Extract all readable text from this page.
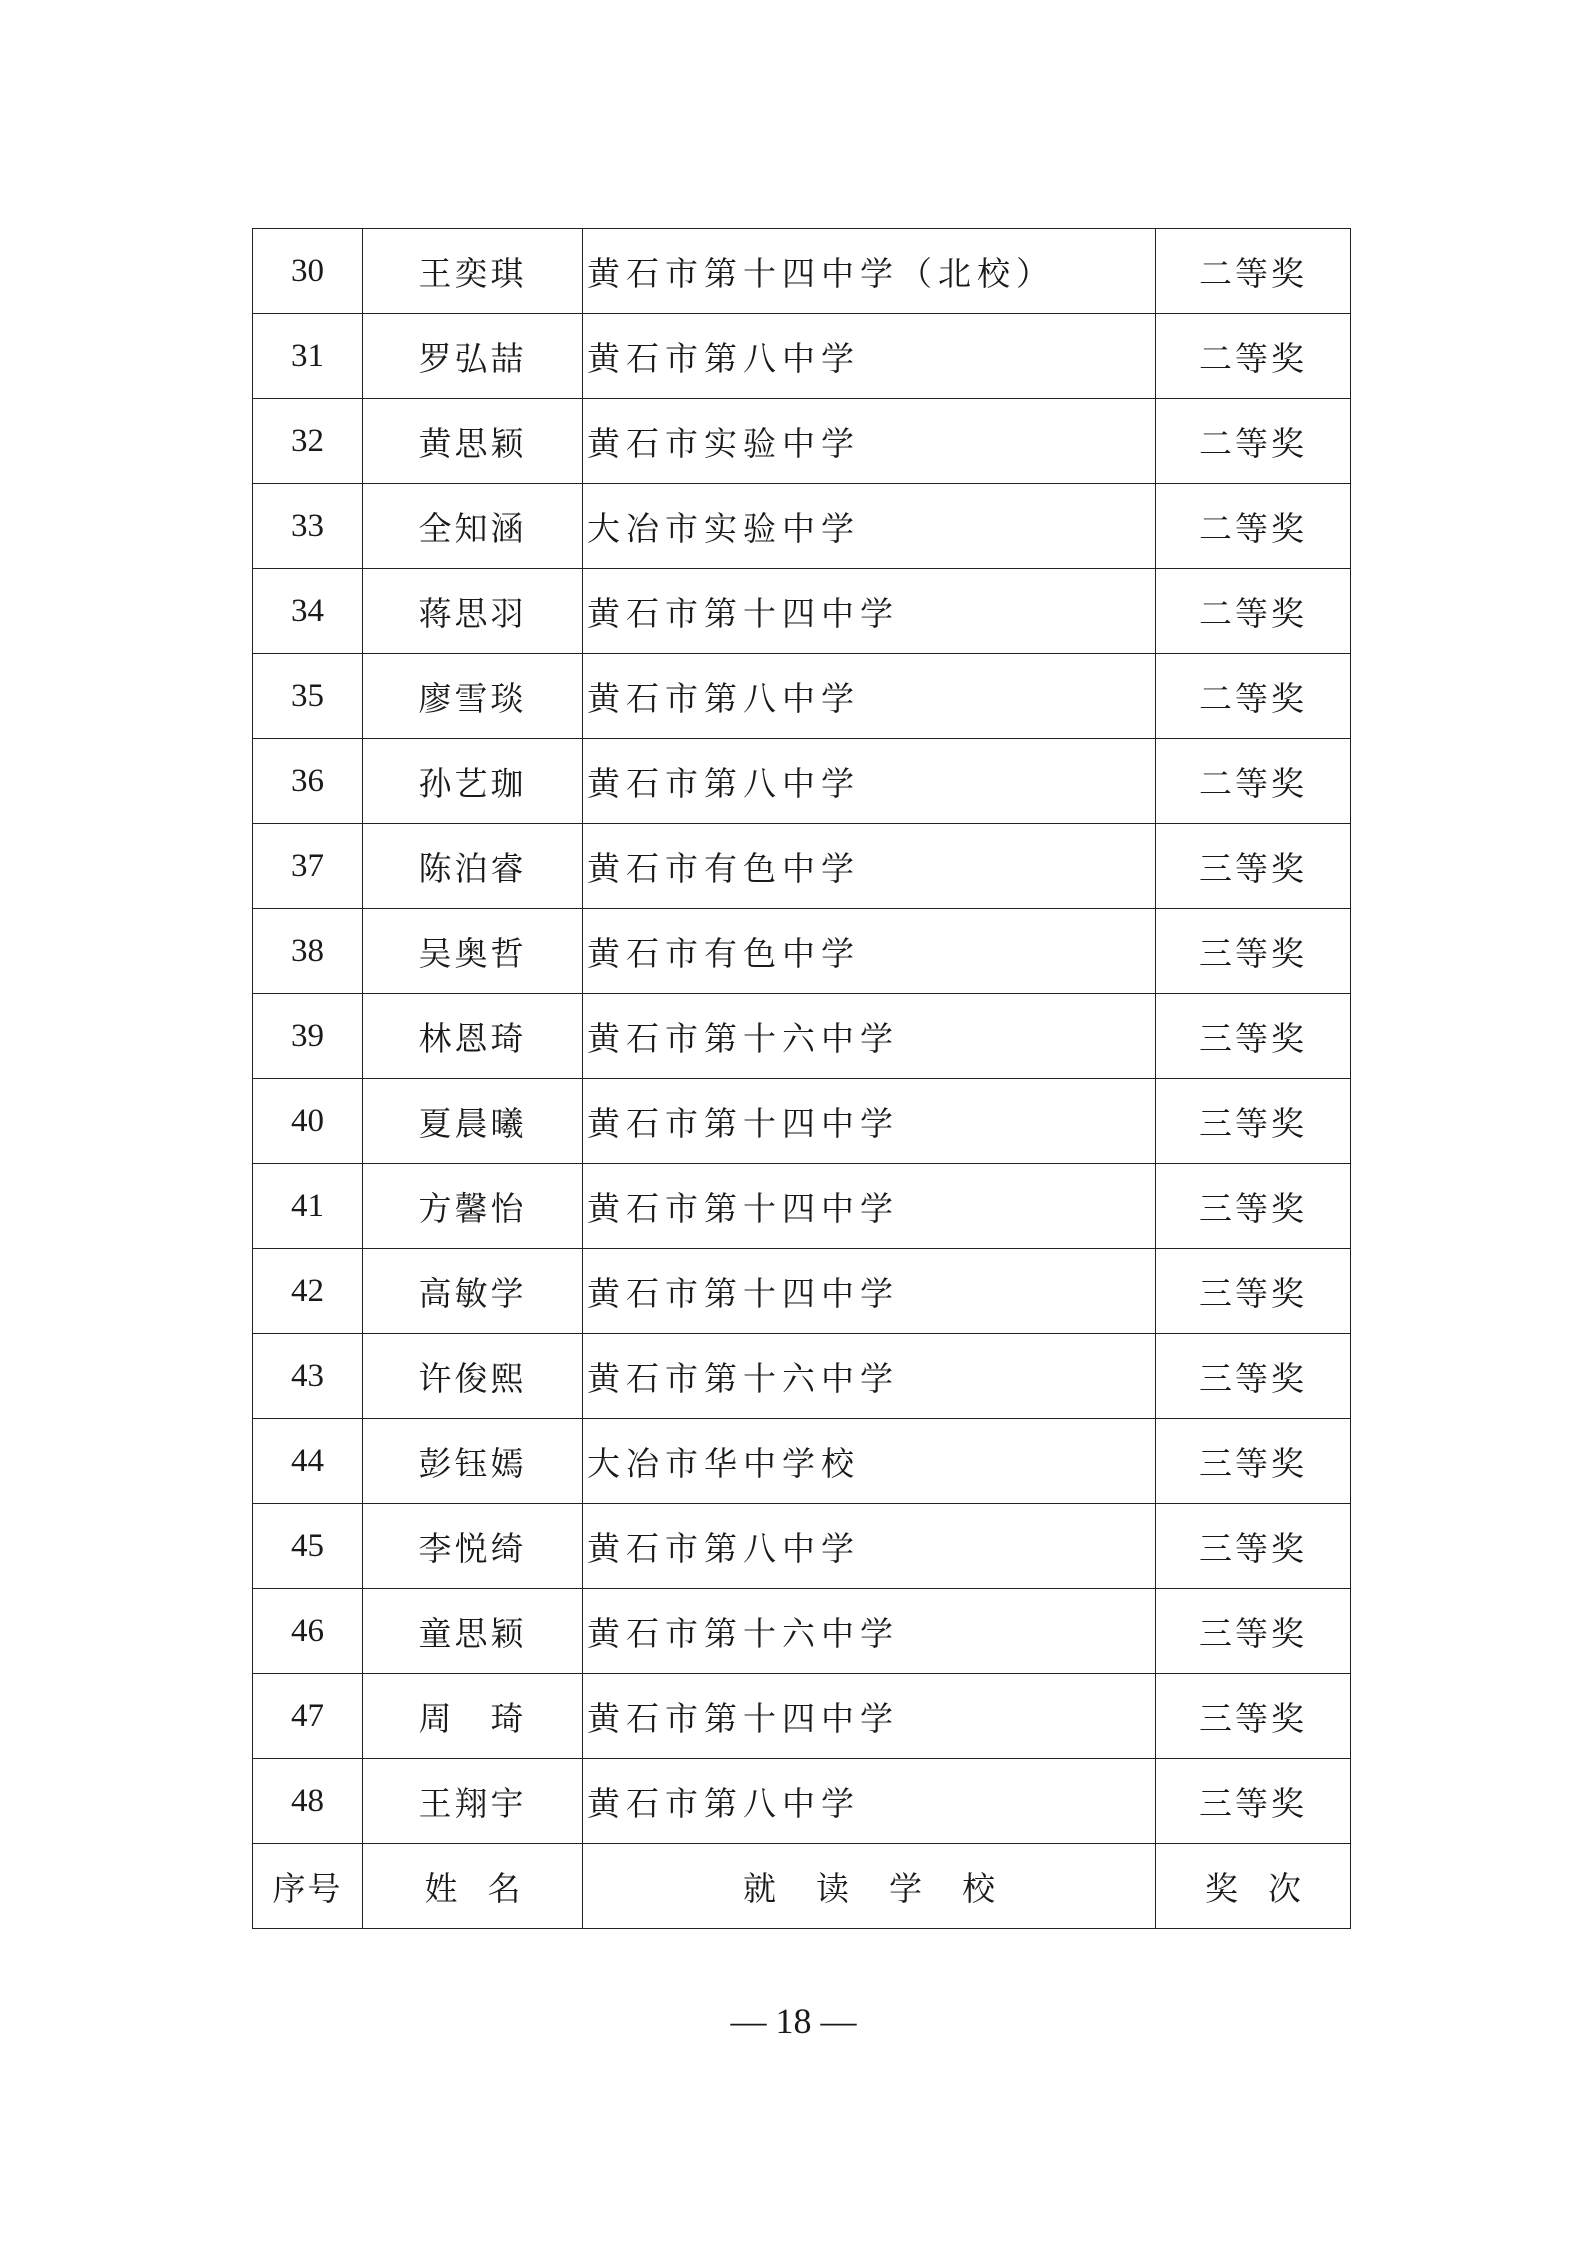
30	王奕琪	黄石市第十四中学（北校）	二等奖
31	罗弘喆	黄石市第八中学	二等奖
32	黄思颖	黄石市实验中学	二等奖
33	全知涵	大冶市实验中学	二等奖
34	蒋思羽	黄石市第十四中学	二等奖
35	廖雪琰	黄石市第八中学	二等奖
36	孙艺珈	黄石市第八中学	二等奖
37	陈泊睿	黄石市有色中学	三等奖
38	吴奥哲	黄石市有色中学	三等奖
39	林恩琦	黄石市第十六中学	三等奖
40	夏晨曦	黄石市第十四中学	三等奖
41	方馨怡	黄石市第十四中学	三等奖
42	高敏学	黄石市第十四中学	三等奖
43	许俊熙	黄石市第十六中学	三等奖
44	彭钰嫣	大冶市华中学校	三等奖
45	李悦绮	黄石市第八中学	三等奖
46	童思颖	黄石市第十六中学	三等奖
47	周　琦	黄石市第十四中学	三等奖
48	王翔宇	黄石市第八中学	三等奖
序号	姓名	就读学校	奖次
— 18 —
